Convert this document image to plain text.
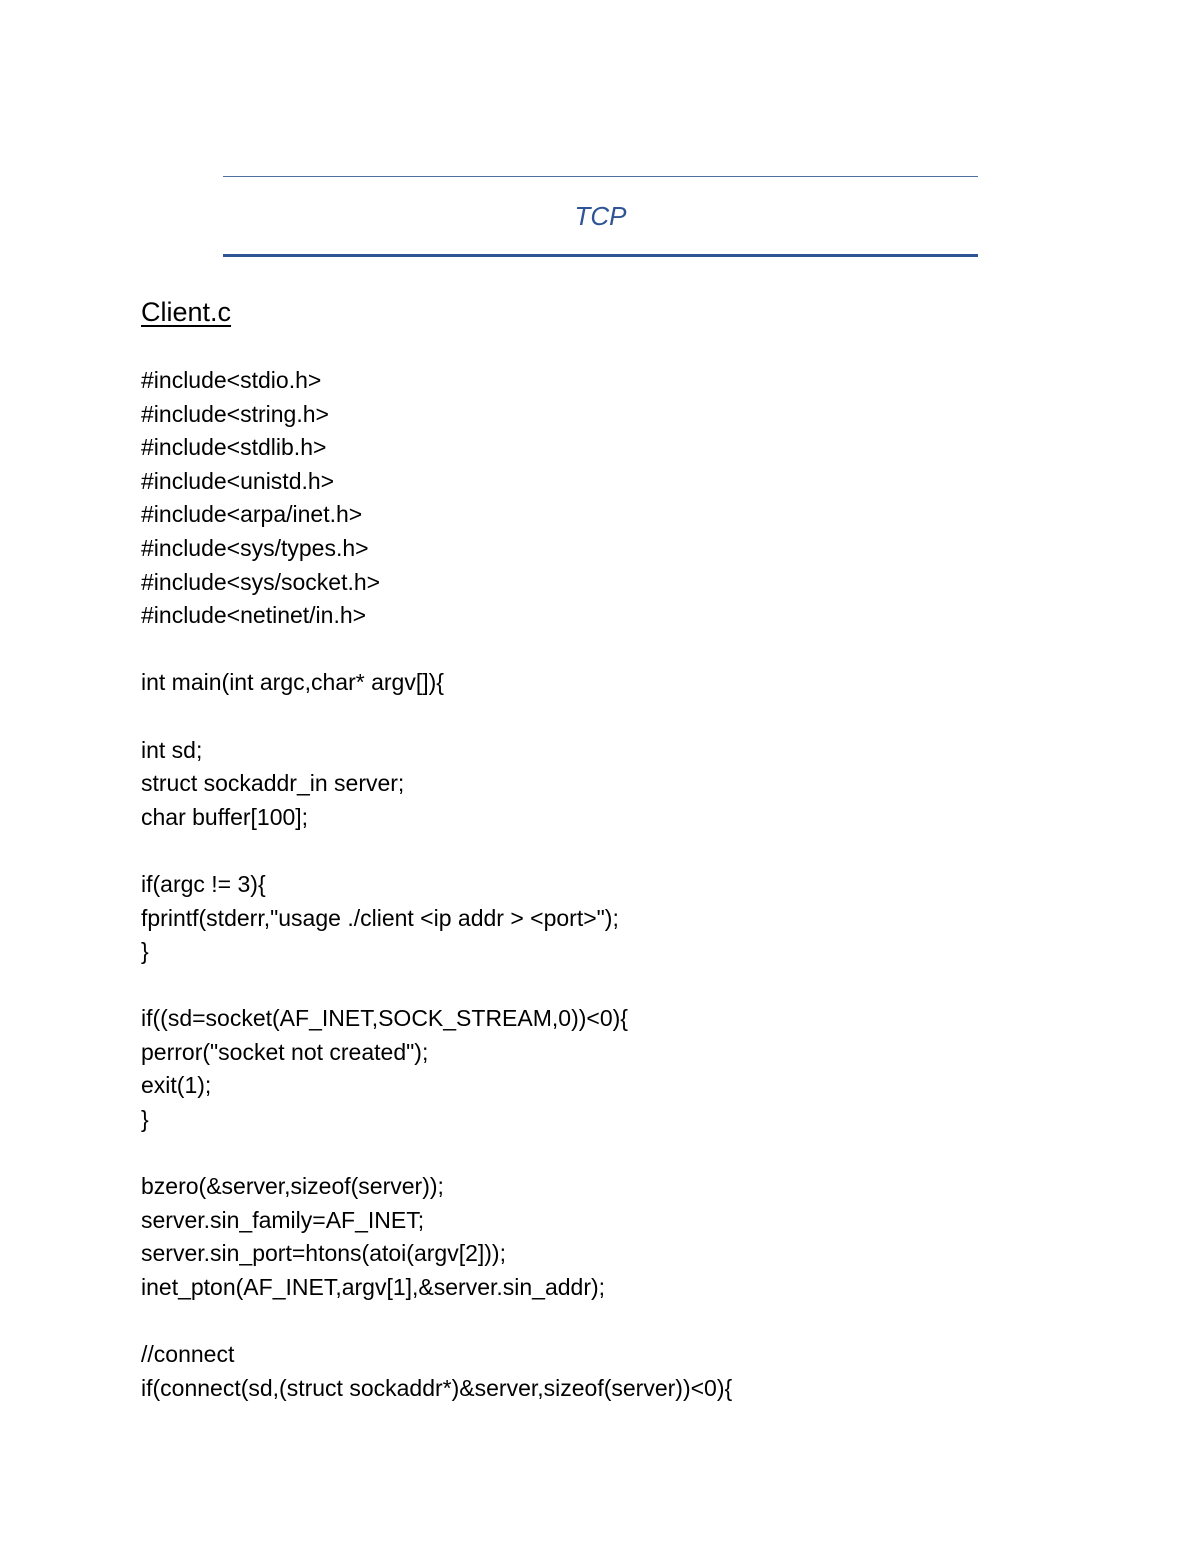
TCP
Client.c
#include<stdio.h>
#include<string.h>
#include<stdlib.h>
#include<unistd.h>
#include<arpa/inet.h>
#include<sys/types.h>
#include<sys/socket.h>
#include<netinet/in.h>
int main(int argc,char* argv[]){
int sd;
struct sockaddr_in server;
char buffer[100];
if(argc != 3){
fprintf(stderr,"usage ./client <ip addr > <port>");
}
if((sd=socket(AF_INET,SOCK_STREAM,0))<0){
perror("socket not created");
exit(1);
}
bzero(&server,sizeof(server));
server.sin_family=AF_INET;
server.sin_port=htons(atoi(argv[2]));
inet_pton(AF_INET,argv[1],&server.sin_addr);
//connect
if(connect(sd,(struct sockaddr*)&server,sizeof(server))<0){
